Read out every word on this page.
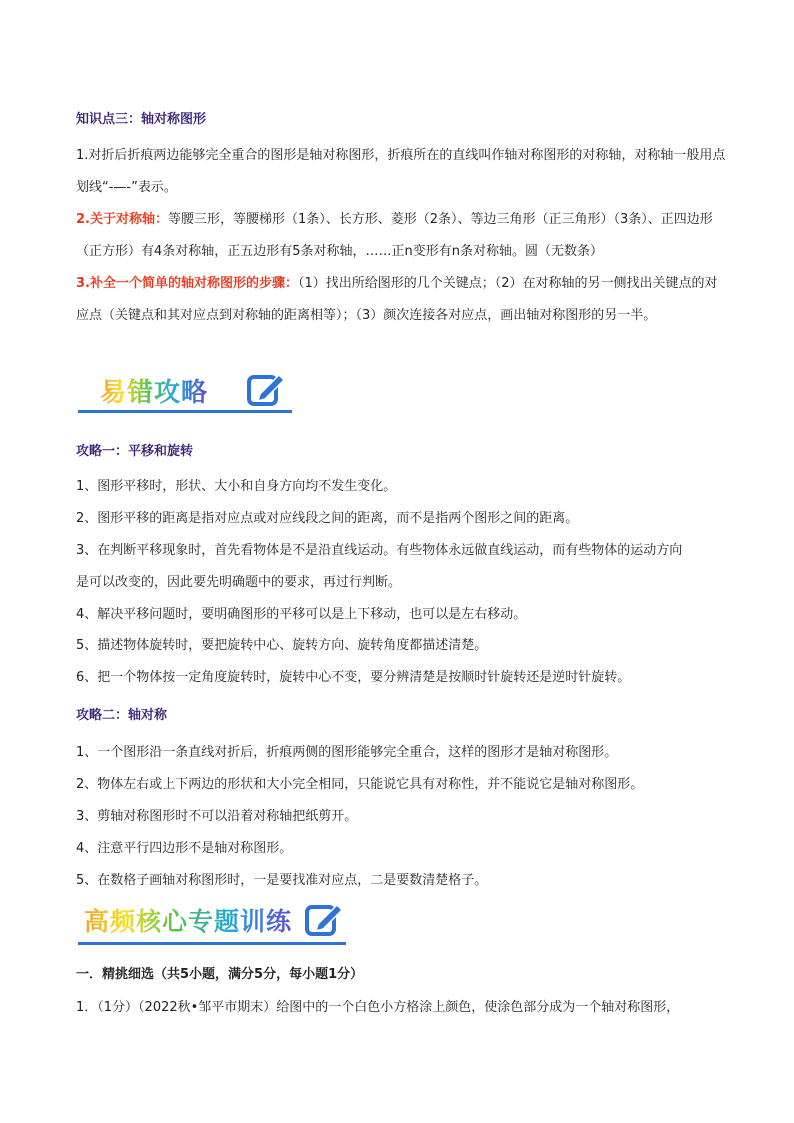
知识点三：轴对称图形
1.对折后折痕两边能够完全重合的图形是轴对称图形，折痕所在的直线叫作轴对称图形的对称轴，对称轴一般用点划线“-—-”表示。
2.关于对称轴：等腰三形，等腰梯形（1条）、长方形、菱形（2条）、等边三角形（正三角形）（3条）、正四边形（正方形）有4条对称轴，正五边形有5条对称轴，……正n变形有n条对称轴。圆（无数条）
3.补全一个简单的轴对称图形的步骤：（1）找出所给图形的几个关键点；（2）在对称轴的另一侧找出关键点的对应点（关键点和其对应点到对称轴的距离相等）；（3）颜次连接各对应点，画出轴对称图形的另一半。
易错攻略
攻略一：平移和旋转
1、图形平移时，形状、大小和自身方向均不发生变化。
2、图形平移的距离是指对应点或对应线段之间的距离，而不是指两个图形之间的距离。
3、在判断平移现象时，首先看物体是不是沿直线运动。有些物体永远做直线运动，而有些物体的运动方向
是可以改变的，因此要先明确题中的要求，再过行判断。
4、解决平移问题时，要明确图形的平移可以是上下移动，也可以是左右移动。
5、描述物体旋转时，要把旋转中心、旋转方向、旋转角度都描述清楚。
6、把一个物体按一定角度旋转时，旋转中心不变，要分辨清楚是按顺时针旋转还是逆时针旋转。
攻略二：轴对称
1、一个图形沿一条直线对折后，折痕两侧的图形能够完全重合，这样的图形才是轴对称图形。
2、物体左右或上下两边的形状和大小完全相同，只能说它具有对称性，并不能说它是轴对称图形。
3、剪轴对称图形时不可以沿着对称轴把纸剪开。
4、注意平行四边形不是轴对称图形。
5、在数格子画轴对称图形时，一是要找准对应点，二是要数清楚格子。
高频核心专题训练
一．精挑细选（共5小题，满分5分，每小题1分）
1．（1分）（2022秋•邹平市期末）给图中的一个白色小方格涂上颜色，使涂色部分成为一个轴对称图形，
